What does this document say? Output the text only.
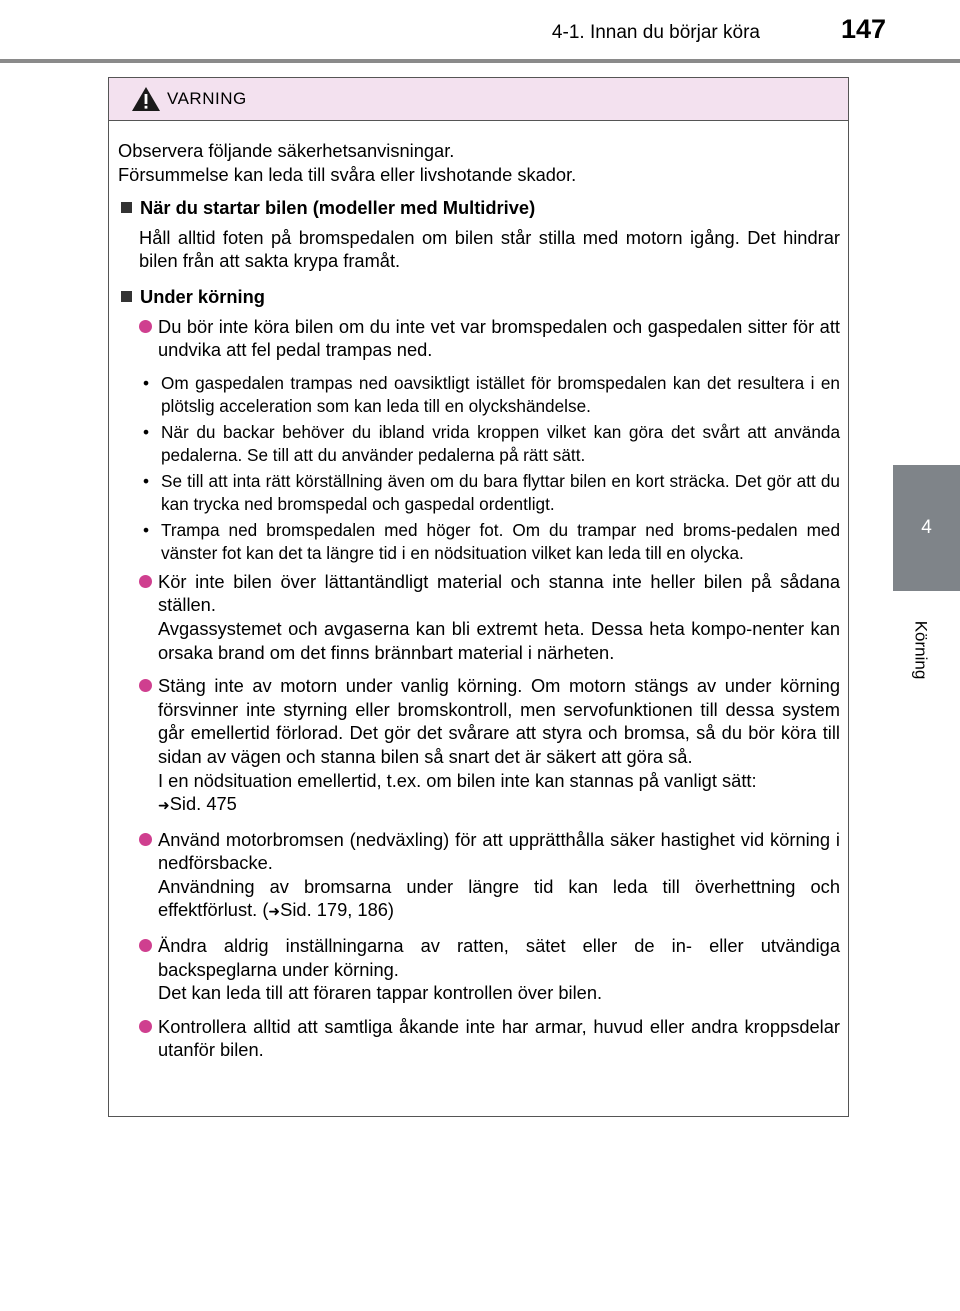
4-1. Innan du börjar köra	147
4
Körning
VARNING
Observera följande säkerhetsanvisningar.
Försummelse kan leda till svåra eller livshotande skador.
När du startar bilen (modeller med Multidrive)
Håll alltid foten på bromspedalen om bilen står stilla med motorn igång. Det hindrar bilen från att sakta krypa framåt.
Under körning
Du bör inte köra bilen om du inte vet var bromspedalen och gaspedalen sitter för att undvika att fel pedal trampas ned.
• Om gaspedalen trampas ned oavsiktligt istället för bromspedalen kan det resultera i en plötslig acceleration som kan leda till en olyckshändelse.
• När du backar behöver du ibland vrida kroppen vilket kan göra det svårt att använda pedalerna. Se till att du använder pedalerna på rätt sätt.
• Se till att inta rätt körställning även om du bara flyttar bilen en kort sträcka. Det gör att du kan trycka ned bromspedal och gaspedal ordentligt.
• Trampa ned bromspedalen med höger fot. Om du trampar ned broms-pedalen med vänster fot kan det ta längre tid i en nödsituation vilket kan leda till en olycka.
Kör inte bilen över lättantändligt material och stanna inte heller bilen på sådana ställen.
Avgassystemet och avgaserna kan bli extremt heta. Dessa heta kompo-nenter kan orsaka brand om det finns brännbart material i närheten.
Stäng inte av motorn under vanlig körning. Om motorn stängs av under körning försvinner inte styrning eller bromskontroll, men servofunktionen till dessa system går emellertid förlorad. Det gör det svårare att styra och bromsa, så du bör köra till sidan av vägen och stanna bilen så snart det är säkert att göra så.
I en nödsituation emellertid, t.ex. om bilen inte kan stannas på vanligt sätt:
➜Sid. 475
Använd motorbromsen (nedväxling) för att upprätthålla säker hastighet vid körning i nedförsbacke.
Användning av bromsarna under längre tid kan leda till överhettning och effektförlust. (➜Sid. 179, 186)
Ändra aldrig inställningarna av ratten, sätet eller de in- eller utvändiga backspeglarna under körning.
Det kan leda till att föraren tappar kontrollen över bilen.
Kontrollera alltid att samtliga åkande inte har armar, huvud eller andra kroppsdelar utanför bilen.
